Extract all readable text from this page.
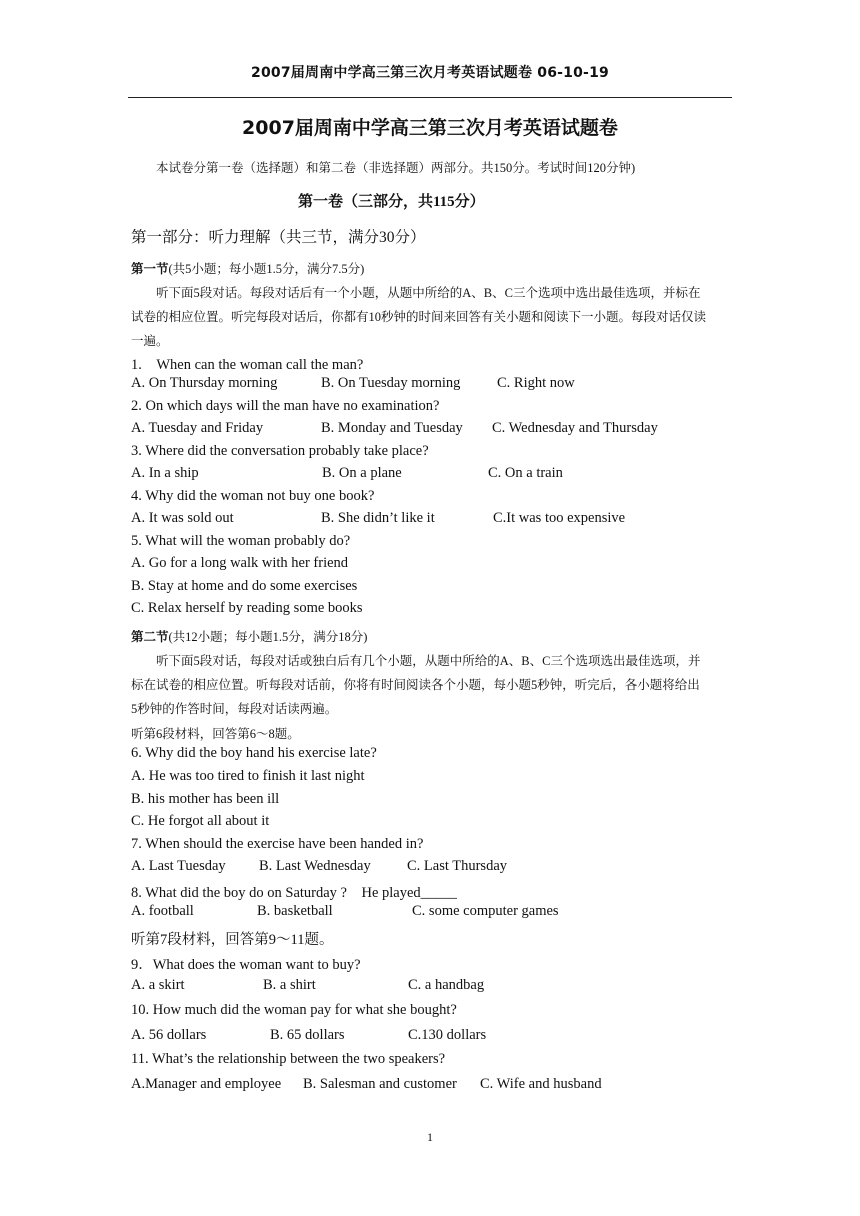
2007届周南中学高三第三次月考英语试题卷 06-10-19
2007届周南中学高三第三次月考英语试题卷
本试卷分第一卷（选择题）和第二卷（非选择题）两部分。共150分。考试时间120分钟)
第一卷（三部分，共115分）
第一部分：听力理解（共三节，满分30分）
第一节(共5小题；每小题1.5分，满分7.5分)
听下面5段对话。每段对话后有一个小题，从题中所给的A、B、C三个选项中选出最佳选项，并标在
试卷的相应位置。听完每段对话后，你都有10秒钟的时间来回答有关小题和阅读下一小题。每段对话仅读
一遍。
1.　When can the woman call the man?
A. On Thursday morning	B. On Tuesday morning	C. Right now
2. On which days will the man have no examination?
A. Tuesday and Friday	B. Monday and Tuesday C. Wednesday and Thursday
3. Where did the conversation probably take place?
A. In a ship	B. On a plane	C. On a train
4. Why did the woman not buy one book?
A. It was sold out	B. She didn’t like it	C.It was too expensive
5. What will the woman probably do?
A. Go for a long walk with her friend
B. Stay at home and do some exercises
C. Relax herself by reading some books
第二节(共12小题；每小题1.5分，满分18分)
听下面5段对话，每段对话或独白后有几个小题，从题中所给的A、B、C三个选项选出最佳选项，并
标在试卷的相应位置。听每段对话前，你将有时间阅读各个小题，每小题5秒钟，听完后，各小题将给出
5秒钟的作答时间，每段对话读两遍。
听第6段材料，回答第6～8题。
6. Why did the boy hand his exercise late?
A. He was too tired to finish it last night
B. his mother has been ill
C. He forgot all about it
7. When should the exercise have been handed in?
A. Last Tuesday B. Last Wednesday	C. Last Thursday
8. What did the boy do on Saturday ?　He played_____
A. football	B. basketball	C. some computer games
听第7段材料，回答第9～11题。
9．What does the woman want to buy?
A. a skirt	B. a shirt	C. a handbag
10. How much did the woman pay for what she bought?
A. 56 dollars	B. 65 dollars	C.130 dollars
11. What’s the relationship between the two speakers?
A.Manager and employee B. Salesman and customer C. Wife and husband
1
